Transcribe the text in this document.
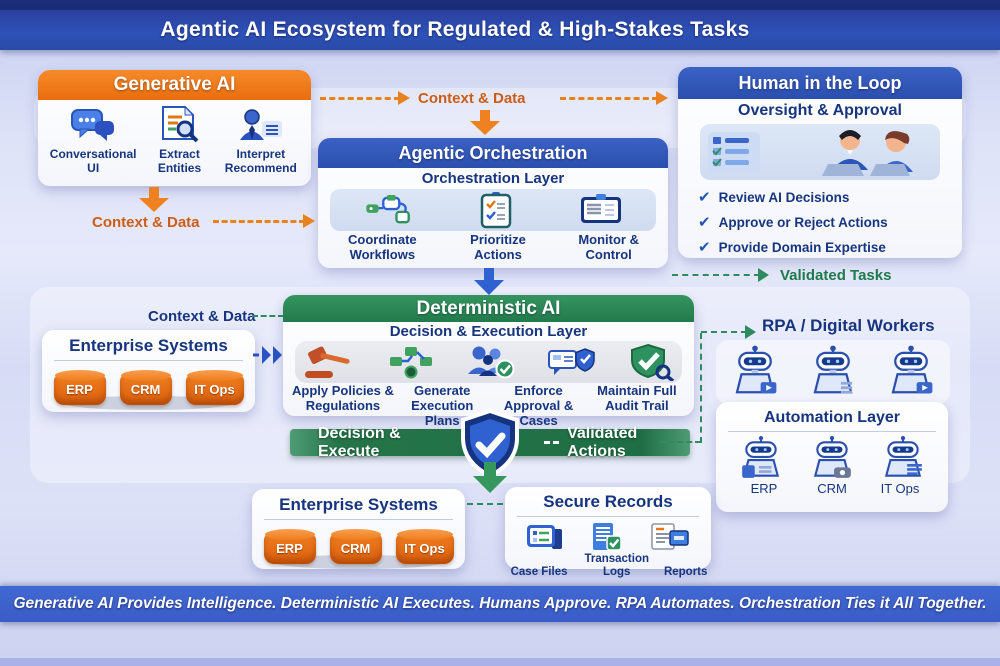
Agentic AI Ecosystem for Regulated & High-Stakes Tasks
Generative AI
Conversational UI
Extract Entities
Interpret Recommend
Context & Data
Agentic Orchestration
Orchestration Layer
Coordinate Workflows
Prioritize Actions
Monitor & Control
Human in the Loop
Oversight & Approval
✔ Review AI Decisions
✔ Approve or Reject Actions
✔ Provide Domain Expertise
Context & Data
Validated Tasks
Context & Data
Enterprise Systems
ERP	CRM	IT Ops
Deterministic AI
Decision & Execution Layer
Apply Policies & Regulations
Generate Execution Plans
Enforce Approval & Cases
Maintain Full Audit Trail
Decision & Execute
Validated Actions
RPA / Digital Workers
Automation Layer
ERP	CRM	IT Ops
Enterprise Systems
ERP	CRM	IT Ops
Secure Records
Case Files
Transaction Logs	Reports
Generative AI Provides Intelligence. Deterministic AI Executes. Humans Approve. RPA Automates. Orchestration Ties it All Together.
